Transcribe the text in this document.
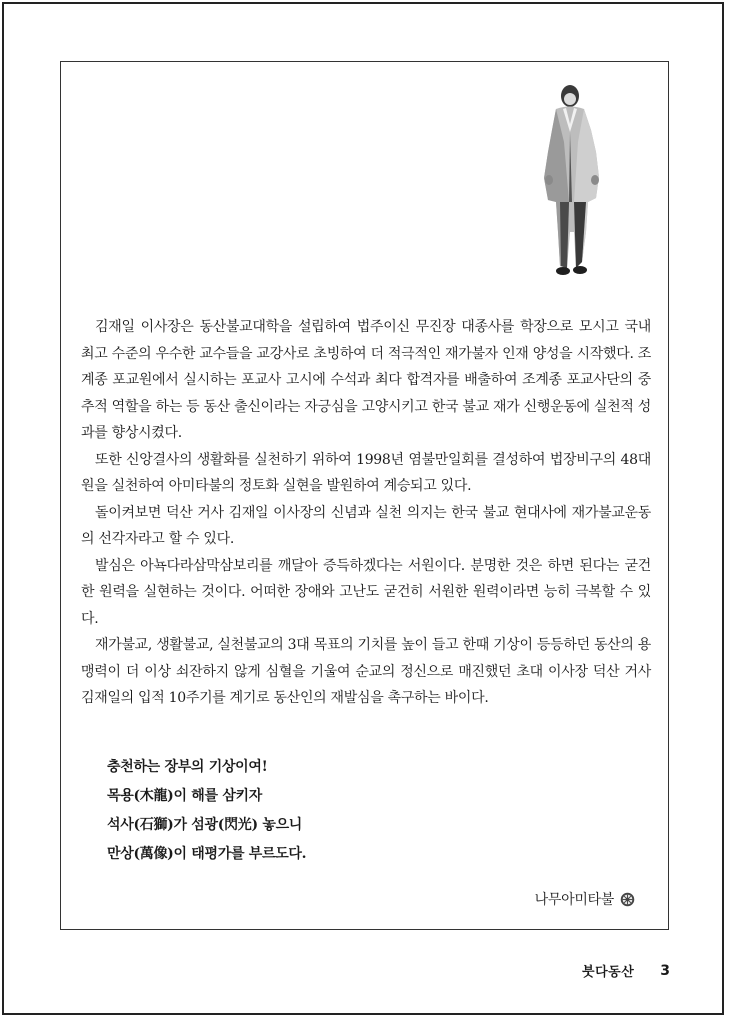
김재일 이사장은 동산불교대학을 설립하여 법주이신 무진장 대종사를 학장으로 모시고 국내 최고 수준의 우수한 교수들을 교강사로 초빙하여 더 적극적인 재가불자 인재 양성을 시작했다. 조계종 포교원에서 실시하는 포교사 고시에 수석과 최다 합격자를 배출하여 조계종 포교사단의 중추적 역할을 하는 등 동산 출신이라는 자긍심을 고양시키고 한국 불교 재가 신행운동에 실천적 성과를 향상시켰다.

또한 신앙결사의 생활화를 실천하기 위하여 1998년 염불만일회를 결성하여 법장비구의 48대원을 실천하여 아미타불의 정토화 실현을 발원하여 계승되고 있다.

돌이켜보면 덕산 거사 김재일 이사장의 신념과 실천 의지는 한국 불교 현대사에 재가불교운동의 선각자라고 할 수 있다.

발심은 아뇩다라삼막삼보리를 깨달아 증득하겠다는 서원이다. 분명한 것은 하면 된다는 굳건한 원력을 실현하는 것이다. 어떠한 장애와 고난도 굳건히 서원한 원력이라면 능히 극복할 수 있다.

재가불교, 생활불교, 실천불교의 3대 목표의 기치를 높이 들고 한때 기상이 등등하던 동산의 용맹력이 더 이상 쇠잔하지 않게 심혈을 기울여 순교의 정신으로 매진했던 초대 이사장 덕산 거사 김재일의 입적 10주기를 계기로 동산인의 재발심을 촉구하는 바이다.

충천하는 장부의 기상이여!
목용(木龍)이 해를 삼키자
석사(石獅)가 섬광(閃光) 놓으니
만상(萬像)이 태평가를 부르도다.
나무아미타불
붓다동산 3
